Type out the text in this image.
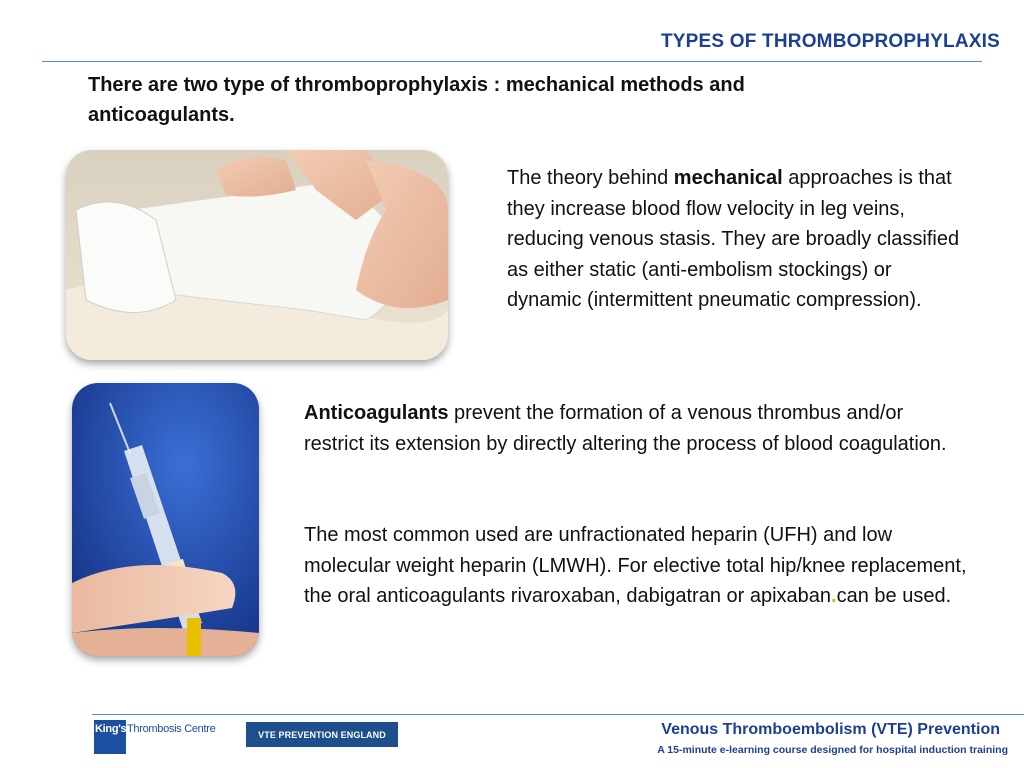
TYPES OF THROMBOPROPHYLAXIS
There are two type of thromboprophylaxis : mechanical methods and anticoagulants.
The theory behind mechanical approaches is that they increase blood flow velocity in leg veins, reducing venous stasis. They are broadly classified as either static (anti-embolism stockings) or dynamic (intermittent pneumatic compression).
Anticoagulants prevent the formation of a venous thrombus and/or restrict its extension by directly altering the process of blood coagulation.
The most common used are unfractionated heparin (UFH) and low molecular weight heparin (LMWH). For elective total hip/knee replacement, the oral anticoagulants rivaroxaban, dabigatran or apixaban.can be used.
King's Thrombosis Centre	VTE PREVENTION ENGLAND	Venous Thromboembolism (VTE) Prevention
A 15-minute e-learning course designed for hospital induction training
